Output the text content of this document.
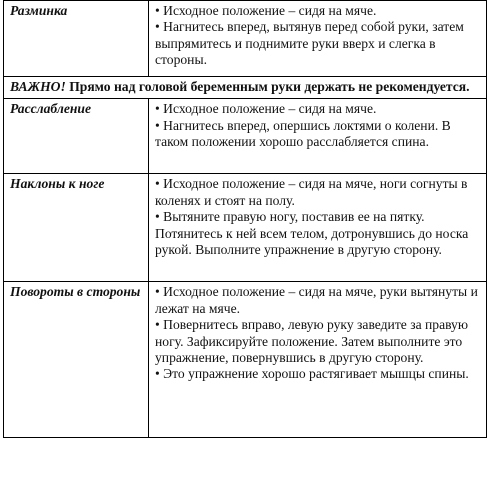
Разминка	• Исходное положение – сидя на мяче.
• Нагнитесь вперед, вытянув перед собой руки, затем выпрямитесь и поднимите руки вверх и слегка в стороны.

ВАЖНО! Прямо над головой беременным руки держать не рекомендуется.	
Расслабление	• Исходное положение – сидя на мяче.
• Нагнитесь вперед, опершись локтями о колени. В таком положении хорошо расслабляется спина.

Наклоны к ноге	• Исходное положение – сидя на мяче, ноги согнуты в коленях и стоят на полу.
• Вытяните правую ногу, поставив ее на пятку. Потянитесь к ней всем телом, дотронувшись до носка рукой. Выполните упражнение в другую сторону.

Повороты в стороны	• Исходное положение – сидя на мяче, руки вытянуты и лежат на мяче.
• Повернитесь вправо, левую руку заведите за правую ногу. Зафиксируйте положение. Затем выполните это упражнение, повернувшись в другую сторону.
• Это упражнение хорошо растягивает мышцы спины.
